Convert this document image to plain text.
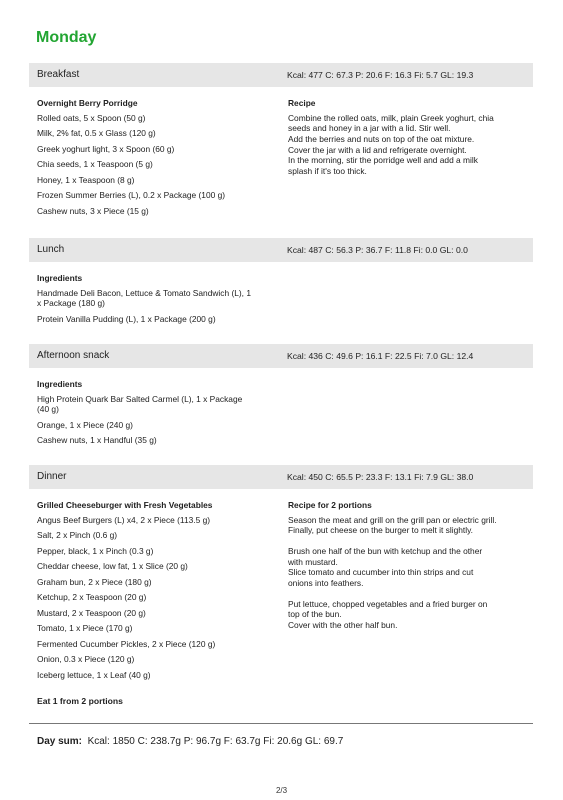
Monday
Breakfast	Kcal: 477 C: 67.3 P: 20.6 F: 16.3 Fi: 5.7 GL: 19.3
Overnight Berry Porridge
Rolled oats, 5 x Spoon (50 g)
Milk, 2% fat, 0.5 x Glass (120 g)
Greek yoghurt light, 3 x Spoon (60 g)
Chia seeds, 1 x Teaspoon (5 g)
Honey, 1 x Teaspoon (8 g)
Frozen Summer Berries (L), 0.2 x Package (100 g)
Cashew nuts, 3 x Piece (15 g)
Recipe
Combine the rolled oats, milk, plain Greek yoghurt, chia
seeds and honey in a jar with a lid. Stir well.
Add the berries and nuts on top of the oat mixture.
Cover the jar with a lid and refrigerate overnight.
In the morning, stir the porridge well and add a milk
splash if it's too thick.
Lunch	Kcal: 487 C: 56.3 P: 36.7 F: 11.8 Fi: 0.0 GL: 0.0
Ingredients
Handmade Deli Bacon, Lettuce & Tomato Sandwich (L), 1
x Package (180 g)
Protein Vanilla Pudding (L), 1 x Package (200 g)
Afternoon snack	Kcal: 436 C: 49.6 P: 16.1 F: 22.5 Fi: 7.0 GL: 12.4
Ingredients
High Protein Quark Bar Salted Carmel (L), 1 x Package
(40 g)
Orange, 1 x Piece (240 g)
Cashew nuts, 1 x Handful (35 g)
Dinner	Kcal: 450 C: 65.5 P: 23.3 F: 13.1 Fi: 7.9 GL: 38.0
Grilled Cheeseburger with Fresh Vegetables
Angus Beef Burgers (L) x4, 2 x Piece (113.5 g)
Salt, 2 x Pinch (0.6 g)
Pepper, black, 1 x Pinch (0.3 g)
Cheddar cheese, low fat, 1 x Slice (20 g)
Graham bun, 2 x Piece (180 g)
Ketchup, 2 x Teaspoon (20 g)
Mustard, 2 x Teaspoon (20 g)
Tomato, 1 x Piece (170 g)
Fermented Cucumber Pickles, 2 x Piece (120 g)
Onion, 0.3 x Piece (120 g)
Iceberg lettuce, 1 x Leaf (40 g)
Recipe for 2 portions
Season the meat and grill on the grill pan or electric grill.
Finally, put cheese on the burger to melt it slightly.
Brush one half of the bun with ketchup and the other
with mustard.
Slice tomato and cucumber into thin strips and cut
onions into feathers.
Put lettuce, chopped vegetables and a fried burger on
top of the bun.
Cover with the other half bun.
Eat 1 from 2 portions
Day sum: Kcal: 1850 C: 238.7g P: 96.7g F: 63.7g Fi: 20.6g GL: 69.7
2/3
